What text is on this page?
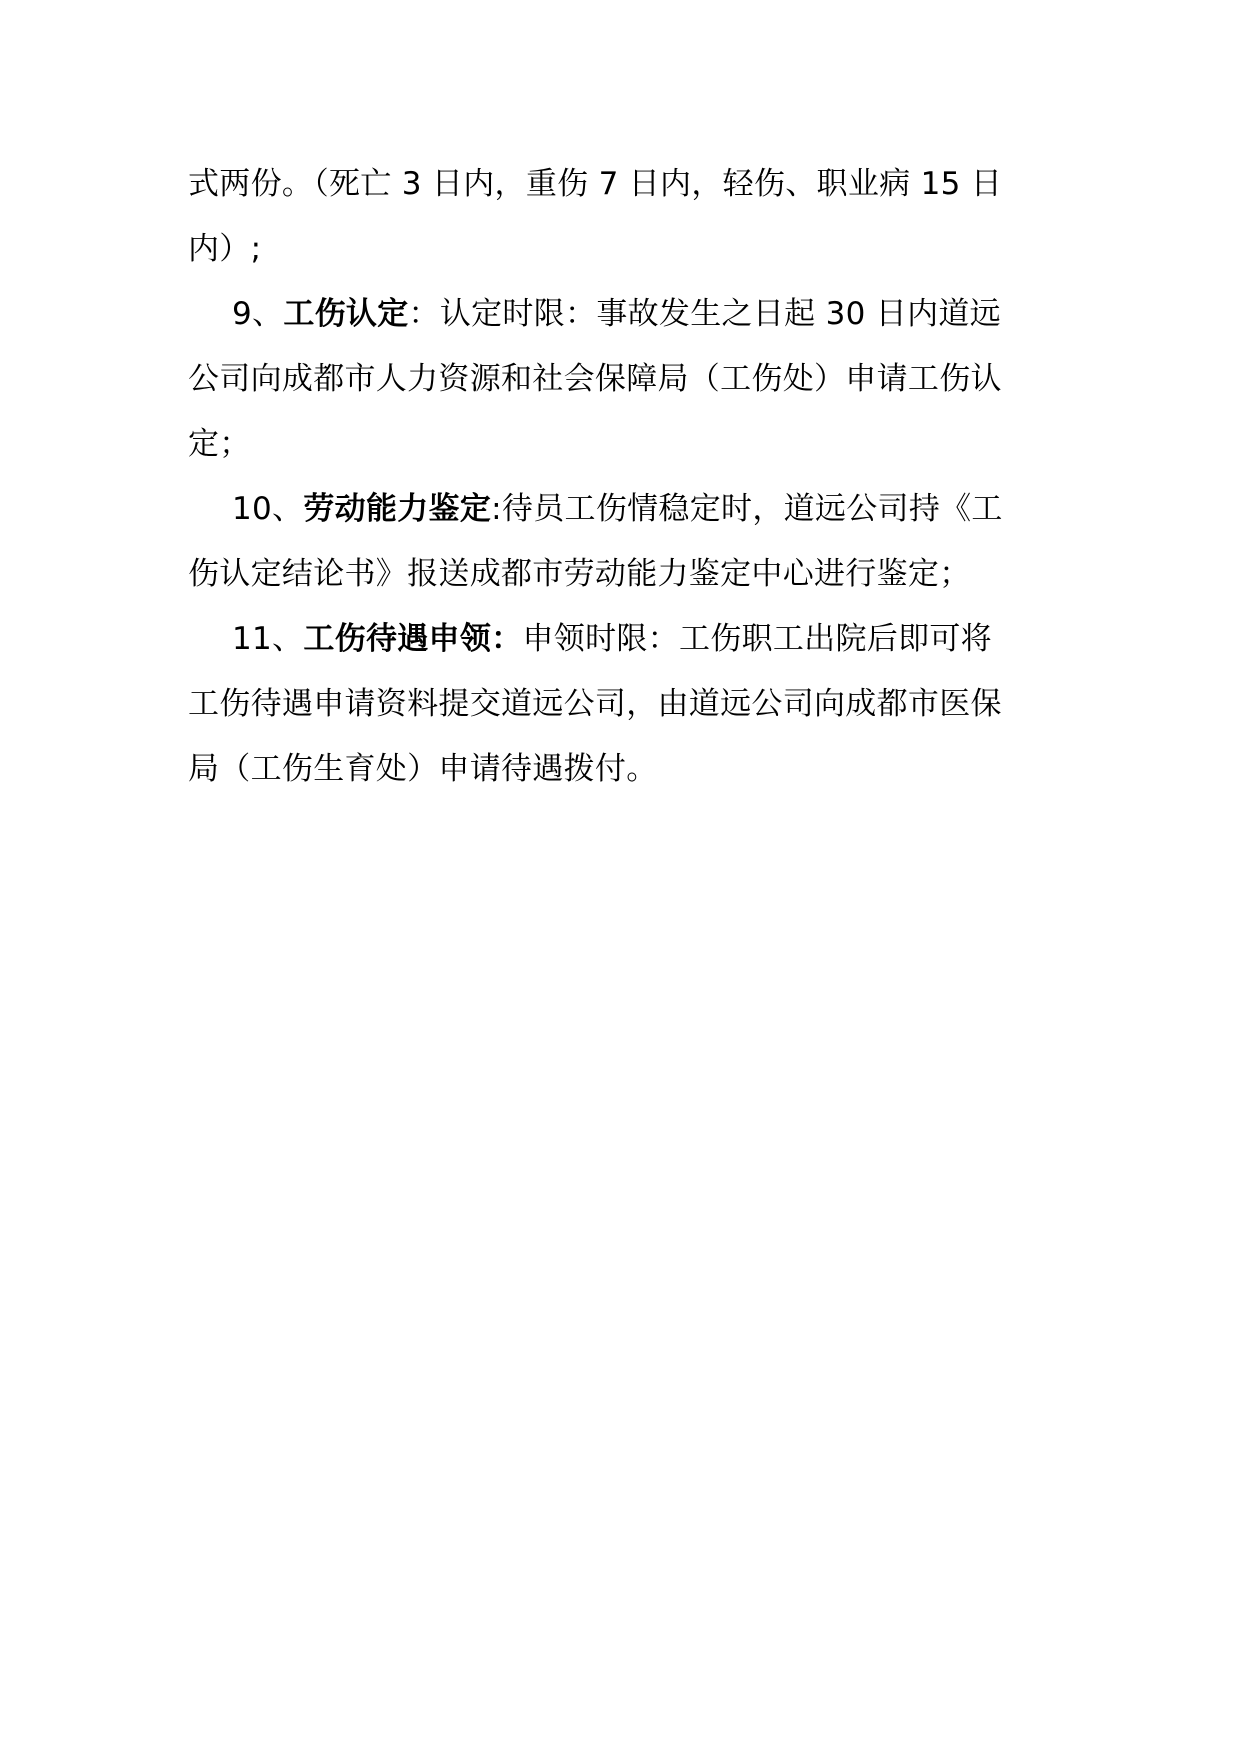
式两份。（死亡 3 日内，重伤 7 日内，轻伤、职业病 15 日
内）;
9、工伤认定：认定时限：事故发生之日起 30 日内道远
公司向成都市人力资源和社会保障局（工伤处）申请工伤认
定；
10、劳动能力鉴定:待员工伤情稳定时，道远公司持《工
伤认定结论书》报送成都市劳动能力鉴定中心进行鉴定；
11、工伤待遇申领：申领时限：工伤职工出院后即可将
工伤待遇申请资料提交道远公司，由道远公司向成都市医保
局（工伤生育处）申请待遇拨付。
